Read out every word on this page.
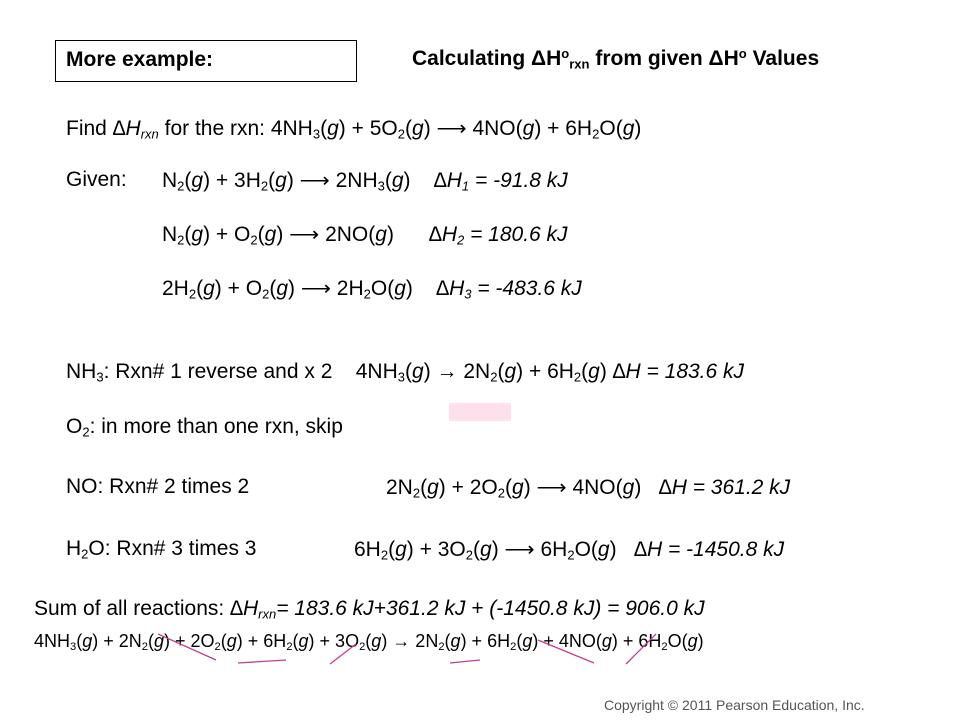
More example:	Calculating $\Delta H^o_{rxn}$ from given $\Delta H^o$ Values
Find $\Delta H_{rxn}$ for the rxn: $4NH_3(g) + 5O_2(g)$ ⟶ $4NO(g) + 6H_2O(g)$
Given: $N_2(g) + 3H_2(g)$ ⟶ $2NH_3(g) \Delta H_1 = -91.8$ kJ
$N_2(g) + O_2(g)$ ⟶ 2NO(g) $\Delta H_2 = 180.6$ kJ
$2H_2(g) + O_2(g)$ ⟶ $2H_2O(g) \Delta H_3 = -483.6$ kJ
$NH_3$: Rxn# 1 reverse and x 2 $4NH_3(g) \to 2N_2(g) + 6H_2(g) \Delta H = 183.6$ kJ
$O_2$: in more than one rxn, skip
NO: Rxn# 2 times 2	$2N_2(g) + 2O_2(g)$ ⟶ 4NO(g) ∆H = 361.2 kJ
$H_2O$: Rxn# 3 times 3	$6H_2(g) + 3O_2(g)$ ⟶ $6H_2O(g) \Delta H = -1450.8$ kJ
Sum of all reactions: $\Delta H_{rxn}= 183.6$ kJ+361.2 kJ + (-1450.8 kJ) = 906.0 kJ
$4NH_3(g) + 2N_2(g) + 2O_2(g) + 6H_2(g) + 3O_2(g) \to 2N_2(g) + 6H_2(g) + 4NO(g) + 6H_2O(g)$
Copyright © 2011 Pearson Education, Inc.
